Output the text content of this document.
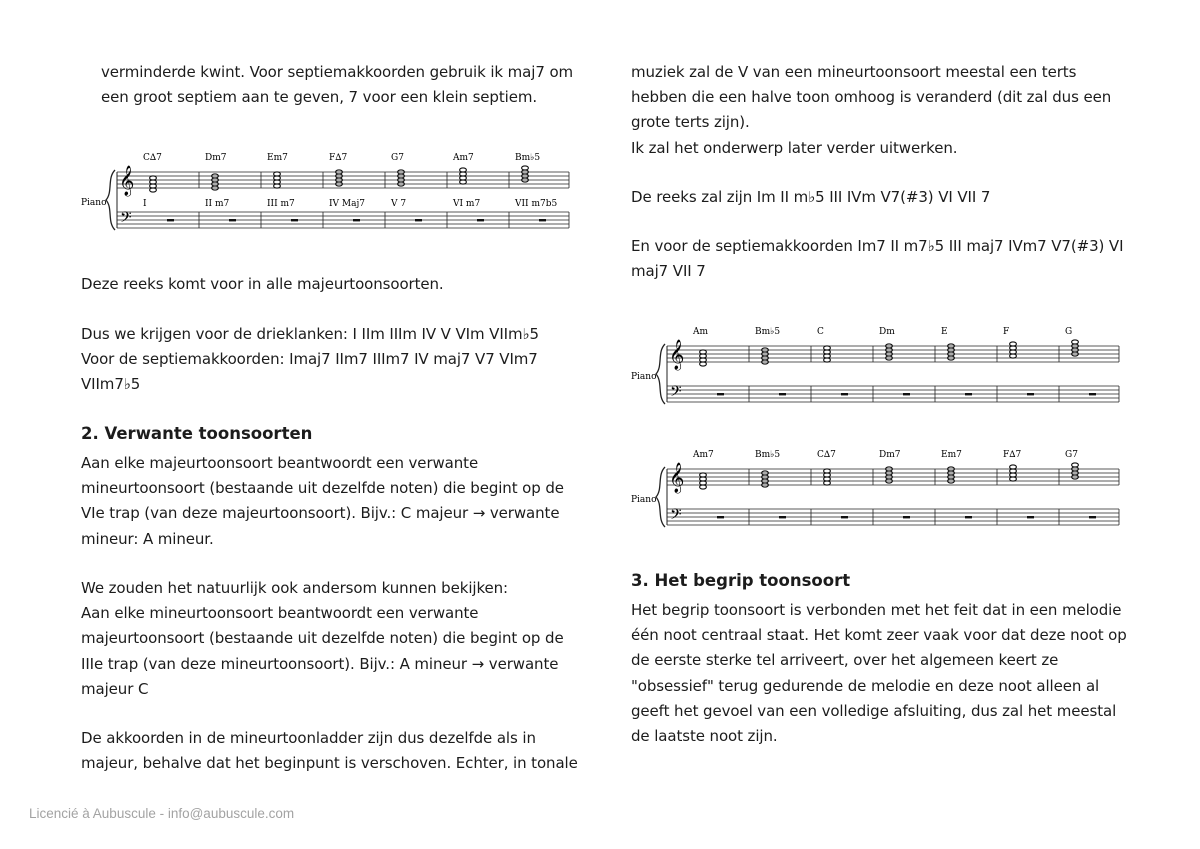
verminderde kwint. Voor septiemakkoorden gebruik ik maj7 om

een groot septiem aan te geven, 7 voor een klein septiem.

Piano
𝄞
𝄢
C∆7	Dm7	Em7	F∆7	G7	Am7	Bm♭5
I	II m7	III m7	IV Maj7	V 7	VI m7	VII m7b5

Deze reeks komt voor in alle majeurtoonsoorten.

Dus we krijgen voor de drieklanken: I IIm IIIm IV V VIm VIIm♭5
Voor de septiemakkoorden: Imaj7 IIm7 IIIm7 IV maj7 V7 VIm7
VIIm7♭5

2. Verwante toonsoorten

Aan elke majeurtoonsoort beantwoordt een verwante
mineurtoonsoort (bestaande uit dezelfde noten) die begint op de
VIe trap (van deze majeurtoonsoort). Bijv.: C majeur → verwante
mineur: A mineur.

We zouden het natuurlijk ook andersom kunnen bekijken:
Aan elke mineurtoonsoort beantwoordt een verwante
majeurtoonsoort (bestaande uit dezelfde noten) die begint op de
IIIe trap (van deze mineurtoonsoort). Bijv.: A mineur → verwante
majeur C

De akkoorden in de mineurtoonladder zijn dus dezelfde als in
majeur, behalve dat het beginpunt is verschoven. Echter, in tonale

muziek zal de V van een mineurtoonsoort meestal een terts
hebben die een halve toon omhoog is veranderd (dit zal dus een
grote terts zijn).
Ik zal het onderwerp later verder uitwerken.

De reeks zal zijn Im II m♭5 III IVm V7(#3) VI VII 7

En voor de septiemakkoorden Im7 II m7♭5 III maj7 IVm7 V7(#3) VI
maj7 VII 7

Piano
𝄞
𝄢
Am	Bm♭5	C	Dm	E	F	G
Piano
𝄞
𝄢
Am7	Bm♭5	C∆7	Dm7	Em7	F∆7	G7
3. Het begrip toonsoort

Het begrip toonsoort is verbonden met het feit dat in een melodie
één noot centraal staat. Het komt zeer vaak voor dat deze noot op
de eerste sterke tel arriveert, over het algemeen keert ze
"obsessief" terug gedurende de melodie en deze noot alleen al
geeft het gevoel van een volledige afsluiting, dus zal het meestal
de laatste noot zijn.

Licencié à Aubuscule - info@aubuscule.com
